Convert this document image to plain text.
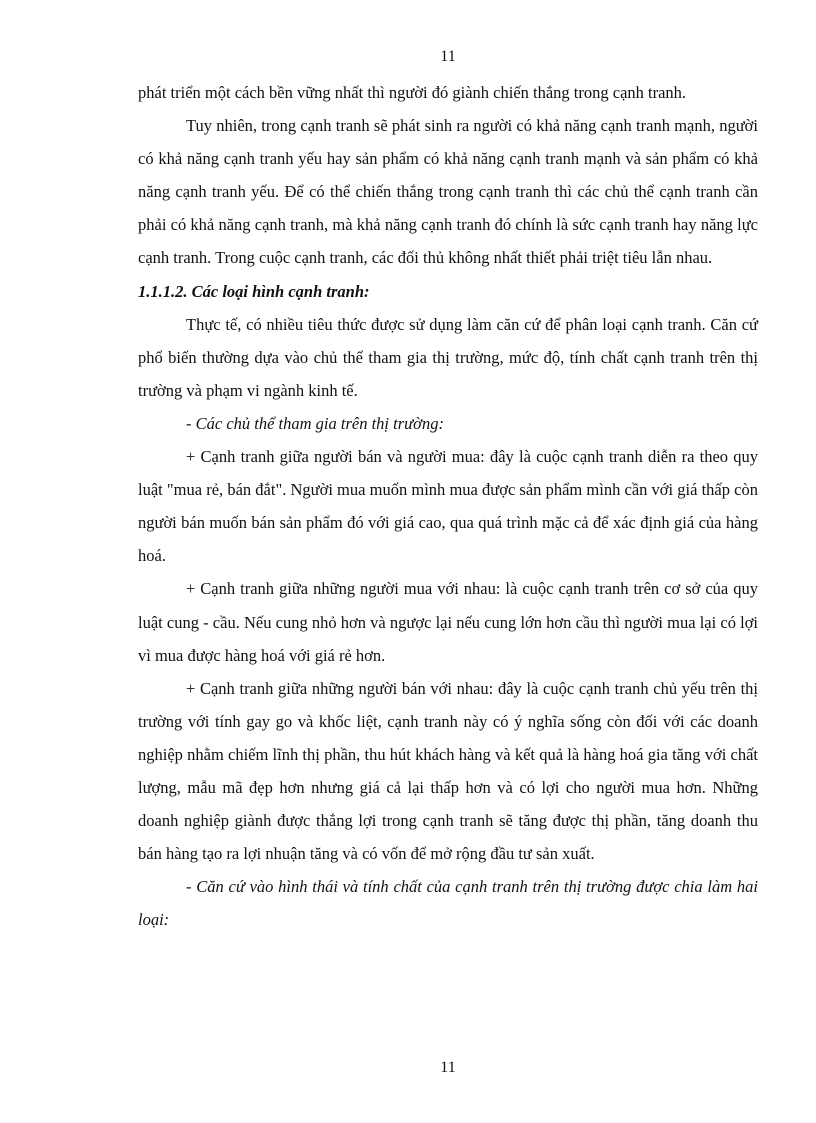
11

phát triển một cách bền vững nhất thì người đó giành chiến thắng trong cạnh tranh.

Tuy nhiên, trong cạnh tranh sẽ phát sinh ra người có khả năng cạnh tranh mạnh, người có khả năng cạnh tranh yếu hay sản phẩm có khả năng cạnh tranh mạnh và sản phẩm có khả năng cạnh tranh yếu. Để có thể chiến thắng trong cạnh tranh thì các chủ thể cạnh tranh cần phải có khả năng cạnh tranh, mà khả năng cạnh tranh đó chính là sức cạnh tranh hay năng lực cạnh tranh. Trong cuộc cạnh tranh, các đối thủ không nhất thiết phải triệt tiêu lẫn nhau.

1.1.1.2. Các loại hình cạnh tranh:

Thực tế, có nhiều tiêu thức được sử dụng làm căn cứ để phân loại cạnh tranh. Căn cứ phổ biến thường dựa vào chủ thể tham gia thị trường, mức độ, tính chất cạnh tranh trên thị trường và phạm vi ngành kinh tế.

- Các chủ thể tham gia trên thị trường:

+ Cạnh tranh giữa người bán và người mua: đây là cuộc cạnh tranh diễn ra theo quy luật "mua rẻ, bán đắt". Người mua muốn mình mua được sản phẩm mình cần với giá thấp còn người bán muốn bán sản phẩm đó với giá cao, qua quá trình mặc cả để xác định giá của hàng hoá.

+ Cạnh tranh giữa những người mua với nhau: là cuộc cạnh tranh trên cơ sở của quy luật cung - cầu. Nếu cung nhỏ hơn và ngược lại nếu cung lớn hơn cầu thì người mua lại có lợi vì mua được hàng hoá với giá rẻ hơn.

+ Cạnh tranh giữa những người bán với nhau: đây là cuộc cạnh tranh chủ yếu trên thị trường với tính gay go và khốc liệt, cạnh tranh này có ý nghĩa sống còn đối với các doanh nghiệp nhằm chiếm lĩnh thị phần, thu hút khách hàng và kết quả là hàng hoá gia tăng với chất lượng, mẫu mã đẹp hơn nhưng giá cả lại thấp hơn và có lợi cho người mua hơn. Những doanh nghiệp giành được thắng lợi trong cạnh tranh sẽ tăng được thị phần, tăng doanh thu bán hàng tạo ra lợi nhuận tăng và có vốn để mở rộng đầu tư sản xuất.

- Căn cứ vào hình thái và tính chất của cạnh tranh trên thị trường được chia làm hai loại:

11
